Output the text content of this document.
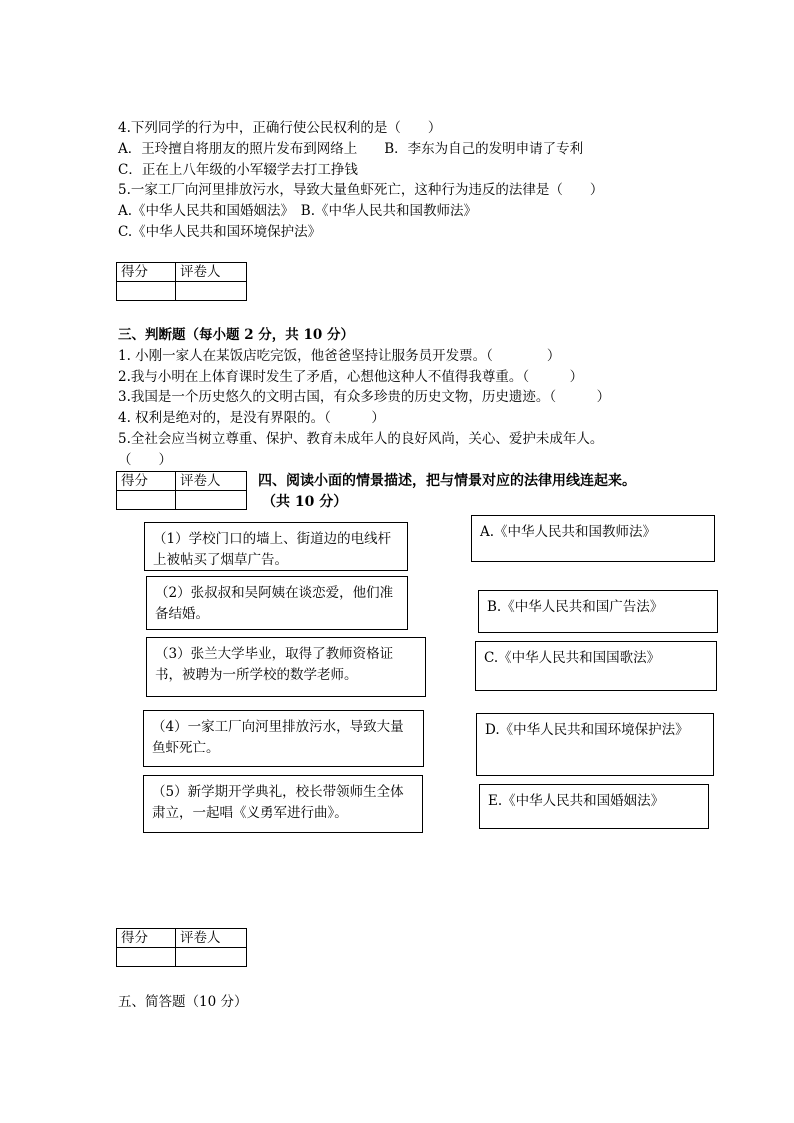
4.下列同学的行为中，正确行使公民权利的是（　　）
A．王玲擅自将朋友的照片发布到网络上　　B．李东为自己的发明申请了专利
C．正在上八年级的小军辍学去打工挣钱
5.一家工厂向河里排放污水，导致大量鱼虾死亡，这种行为违反的法律是（　　）
A.《中华人民共和国婚姻法》　B.《中华人民共和国教师法》
C.《中华人民共和国环境保护法》
得分	评卷人

三、判断题（每小题 2 分，共 10 分）
1. 小刚一家人在某饭店吃完饭，他爸爸坚持让服务员开发票。（　　　　）
2.我与小明在上体育课时发生了矛盾，心想他这种人不值得我尊重。（　　　）
3.我国是一个历史悠久的文明古国，有众多珍贵的历史文物，历史遗迹。（　　　）
4. 权利是绝对的，是没有界限的。（　　　）
5.全社会应当树立尊重、保护、教育未成年人的良好风尚，关心、爱护未成年人。
（　　）
得分	评卷人
		四、阅读小面的情景描述，把与情景对应的法律用线连起来。
（共 10 分）
（1）学校门口的墙上、街道边的电线杆上被帖买了烟草广告。
（2）张叔叔和吴阿姨在谈恋爱，他们准备结婚。
（3）张兰大学毕业，取得了教师资格证书，被聘为一所学校的数学老师。
（4）一家工厂向河里排放污水，导致大量鱼虾死亡。
（5）新学期开学典礼，校长带领师生全体肃立，一起唱《义勇军进行曲》。
A.《中华人民共和国教师法》
B.《中华人民共和国广告法》
C.《中华人民共和国国歌法》
D.《中华人民共和国环境保护法》
E.《中华人民共和国婚姻法》
得分	评卷人

五、简答题（10 分）
